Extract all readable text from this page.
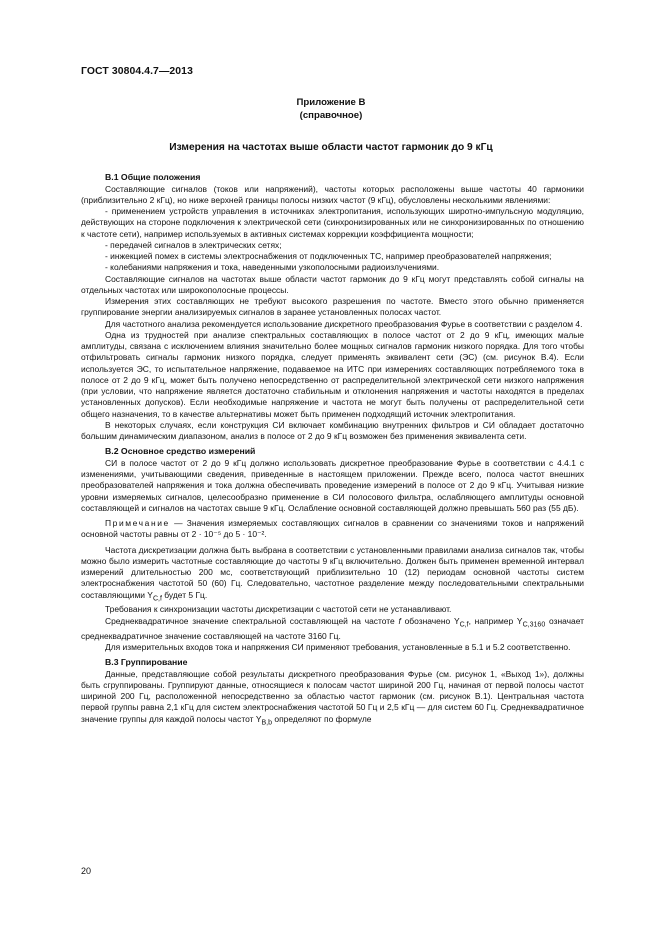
ГОСТ 30804.4.7—2013
Приложение В
(справочное)
Измерения на частотах выше области частот гармоник до 9 кГц
В.1 Общие положения

Составляющие сигналов (токов или напряжений), частоты которых расположены выше частоты 40 гармоники (приблизительно 2 кГц), но ниже верхней границы полосы низких частот (9 кГц), обусловлены несколькими явлениями:

- применением устройств управления в источниках электропитания, использующих широтно-импульсную модуляцию, действующих на стороне подключения к электрической сети (синхронизированных или не синхронизированных по отношению к частоте сети), например используемых в активных системах коррекции коэффициента мощности;

- передачей сигналов в электрических сетях;

- инжекцией помех в системы электроснабжения от подключенных ТС, например преобразователей напряжения;

- колебаниями напряжения и тока, наведенными узкополосными радиоизлучениями.

Составляющие сигналов на частотах выше области частот гармоник до 9 кГц могут представлять собой сигналы на отдельных частотах или широкополосные процессы.

Измерения этих составляющих не требуют высокого разрешения по частоте. Вместо этого обычно применяется группирование энергии анализируемых сигналов в заранее установленных полосах частот.

Для частотного анализа рекомендуется использование дискретного преобразования Фурье в соответствии с разделом 4.

Одна из трудностей при анализе спектральных составляющих в полосе частот от 2 до 9 кГц, имеющих малые амплитуды, связана с исключением влияния значительно более мощных сигналов гармоник низкого порядка. Для того чтобы отфильтровать сигналы гармоник низкого порядка, следует применять эквивалент сети (ЭС) (см. рисунок В.4). Если используется ЭС, то испытательное напряжение, подаваемое на ИТС при измерениях составляющих потребляемого тока в полосе от 2 до 9 кГц, может быть получено непосредственно от распределительной электрической сети низкого напряжения (при условии, что напряжение является достаточно стабильным и отклонения напряжения и частоты находятся в пределах установленных допусков). Если необходимые напряжение и частота не могут быть получены от распределительной сети общего назначения, то в качестве альтернативы может быть применен подходящий источник электропитания.

В некоторых случаях, если конструкция СИ включает комбинацию внутренних фильтров и СИ обладает достаточно большим динамическим диапазоном, анализ в полосе от 2 до 9 кГц возможен без применения эквивалента сети.

В.2 Основное средство измерений

СИ в полосе частот от 2 до 9 кГц должно использовать дискретное преобразование Фурье в соответствии с 4.4.1 с изменениями, учитывающими сведения, приведенные в настоящем приложении. Прежде всего, полоса частот внешних преобразователей напряжения и тока должна обеспечивать проведение измерений в полосе от 2 до 9 кГц. Учитывая низкие уровни измеряемых сигналов, целесообразно применение в СИ полосового фильтра, ослабляющего амплитуды основной составляющей и сигналов на частотах свыше 9 кГц. Ослабление основной составляющей должно превышать 560 раз (55 дБ).

Примечание — Значения измеряемых составляющих сигналов в сравнении со значениями токов и напряжений основной частоты равны от 2 · 10⁻⁵ до 5 · 10⁻².

Частота дискретизации должна быть выбрана в соответствии с установленными правилами анализа сигналов так, чтобы можно было измерить частотные составляющие до частоты 9 кГц включительно. Должен быть применен временной интервал измерений длительностью 200 мс, соответствующий приблизительно 10 (12) периодам основной частоты систем электроснабжения частотой 50 (60) Гц. Следовательно, частотное разделение между последовательными спектральными составляющими $Y_{C,f}$ будет 5 Гц.

Требования к синхронизации частоты дискретизации с частотой сети не устанавливают.

Среднеквадратичное значение спектральной составляющей на частоте f обозначено $Y_{C,f}$, например $Y_{C,3160}$ означает среднеквадратичное значение составляющей на частоте 3160 Гц.

Для измерительных входов тока и напряжения СИ применяют требования, установленные в 5.1 и 5.2 соответственно.

В.3 Группирование

Данные, представляющие собой результаты дискретного преобразования Фурье (см. рисунок 1, «Выход 1»), должны быть сгруппированы. Группируют данные, относящиеся к полосам частот шириной 200 Гц, начиная от первой полосы частот шириной 200 Гц, расположенной непосредственно за областью частот гармоник (см. рисунок В.1). Центральная частота первой группы равна 2,1 кГц для систем электроснабжения частотой 50 Гц и 2,5 кГц — для систем 60 Гц. Среднеквадратичное значение группы для каждой полосы частот $Y_{B,b}$ определяют по формуле

20
